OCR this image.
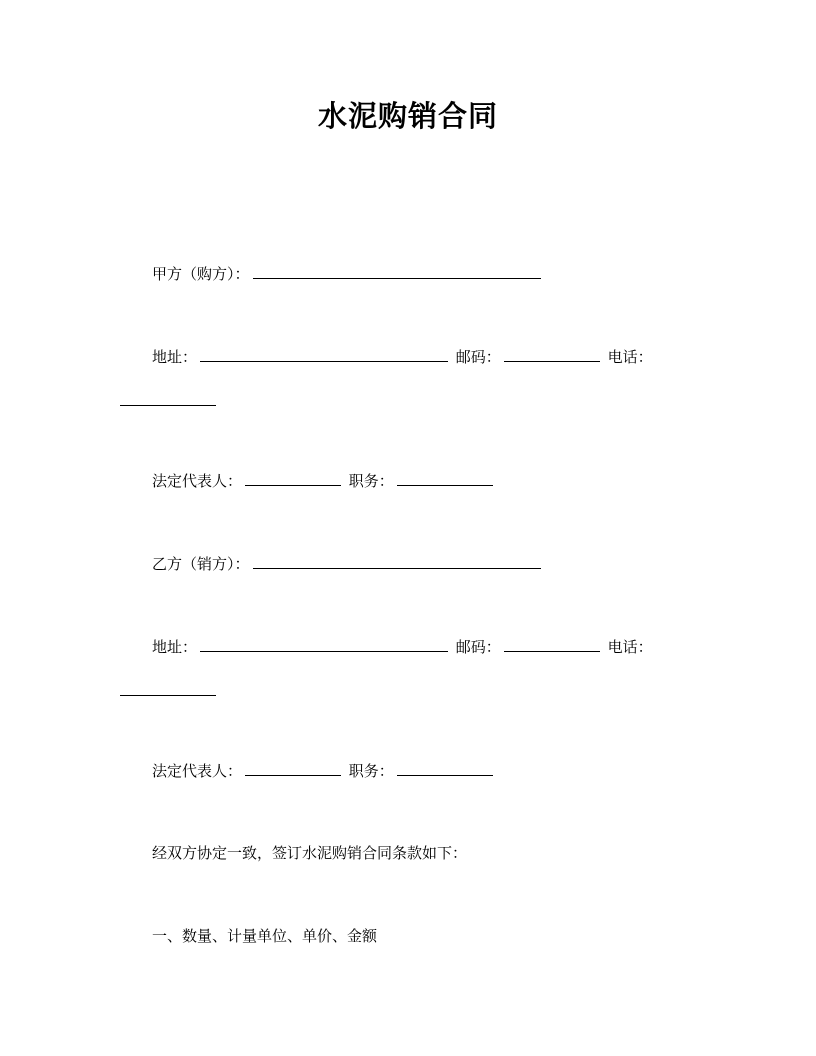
水泥购销合同
甲方（购方）：
地址：	邮码：	电话：
法定代表人：	职务：
乙方（销方）：
地址：	邮码：	电话：
法定代表人：	职务：
经双方协定一致，签订水泥购销合同条款如下：
一、数量、计量单位、单价、金额
